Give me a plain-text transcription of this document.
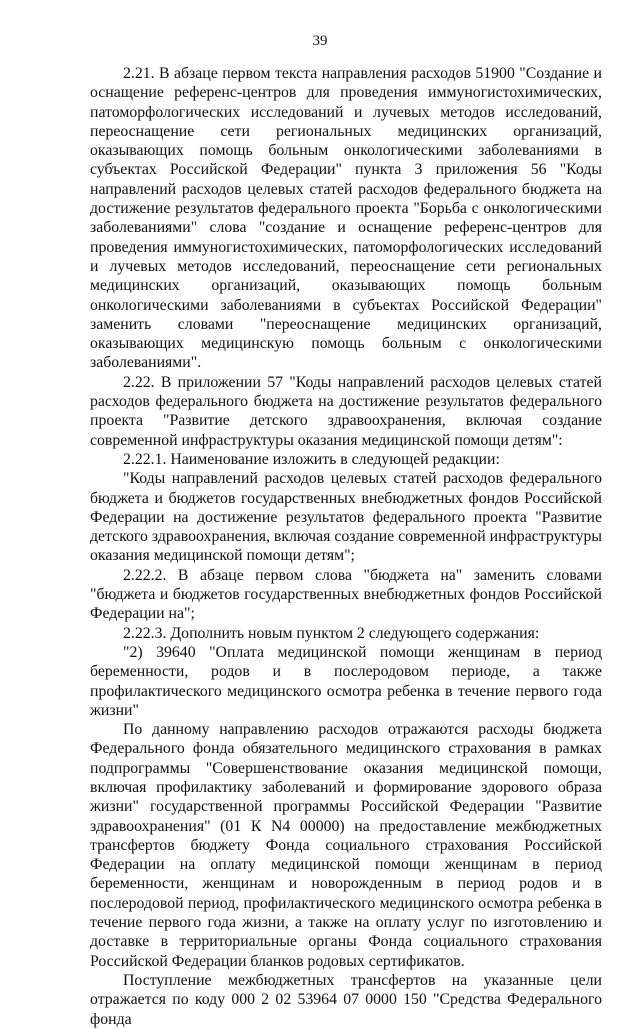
39

2.21. В абзаце первом текста направления расходов 51900 "Создание и оснащение референс-центров для проведения иммуногистохимических, патоморфологических исследований и лучевых методов исследований, переоснащение сети региональных медицинских организаций, оказывающих помощь больным онкологическими заболеваниями в субъектах Российской Федерации" пункта 3 приложения 56 "Коды направлений расходов целевых статей расходов федерального бюджета на достижение результатов федерального проекта "Борьба с онкологическими заболеваниями" слова "создание и оснащение референс-центров для проведения иммуногистохимических, патоморфологических исследований и лучевых методов исследований, переоснащение сети региональных медицинских организаций, оказывающих помощь больным онкологическими заболеваниями в субъектах Российской Федерации" заменить словами "переоснащение медицинских организаций, оказывающих медицинскую помощь больным с онкологическими заболеваниями".

2.22. В приложении 57 "Коды направлений расходов целевых статей расходов федерального бюджета на достижение результатов федерального проекта "Развитие детского здравоохранения, включая создание современной инфраструктуры оказания медицинской помощи детям":

2.22.1. Наименование изложить в следующей редакции:

"Коды направлений расходов целевых статей расходов федерального бюджета и бюджетов государственных внебюджетных фондов Российской Федерации на достижение результатов федерального проекта "Развитие детского здравоохранения, включая создание современной инфраструктуры оказания медицинской помощи детям";

2.22.2. В абзаце первом слова "бюджета на" заменить словами "бюджета и бюджетов государственных внебюджетных фондов Российской Федерации на";

2.22.3. Дополнить новым пунктом 2 следующего содержания:

"2) 39640 "Оплата медицинской помощи женщинам в период беременности, родов и в послеродовом периоде, а также профилактического медицинского осмотра ребенка в течение первого года жизни"

По данному направлению расходов отражаются расходы бюджета Федерального фонда обязательного медицинского страхования в рамках подпрограммы "Совершенствование оказания медицинской помощи, включая профилактику заболеваний и формирование здорового образа жизни" государственной программы Российской Федерации "Развитие здравоохранения" (01 К N4 00000) на предоставление межбюджетных трансфертов бюджету Фонда социального страхования Российской Федерации на оплату медицинской помощи женщинам в период беременности, женщинам и новорожденным в период родов и в послеродовой период, профилактического медицинского осмотра ребенка в течение первого года жизни, а также на оплату услуг по изготовлению и доставке в территориальные органы Фонда социального страхования Российской Федерации бланков родовых сертификатов.

Поступление межбюджетных трансфертов на указанные цели отражается по коду 000 2 02 53964 07 0000 150 "Средства Федерального фонда
